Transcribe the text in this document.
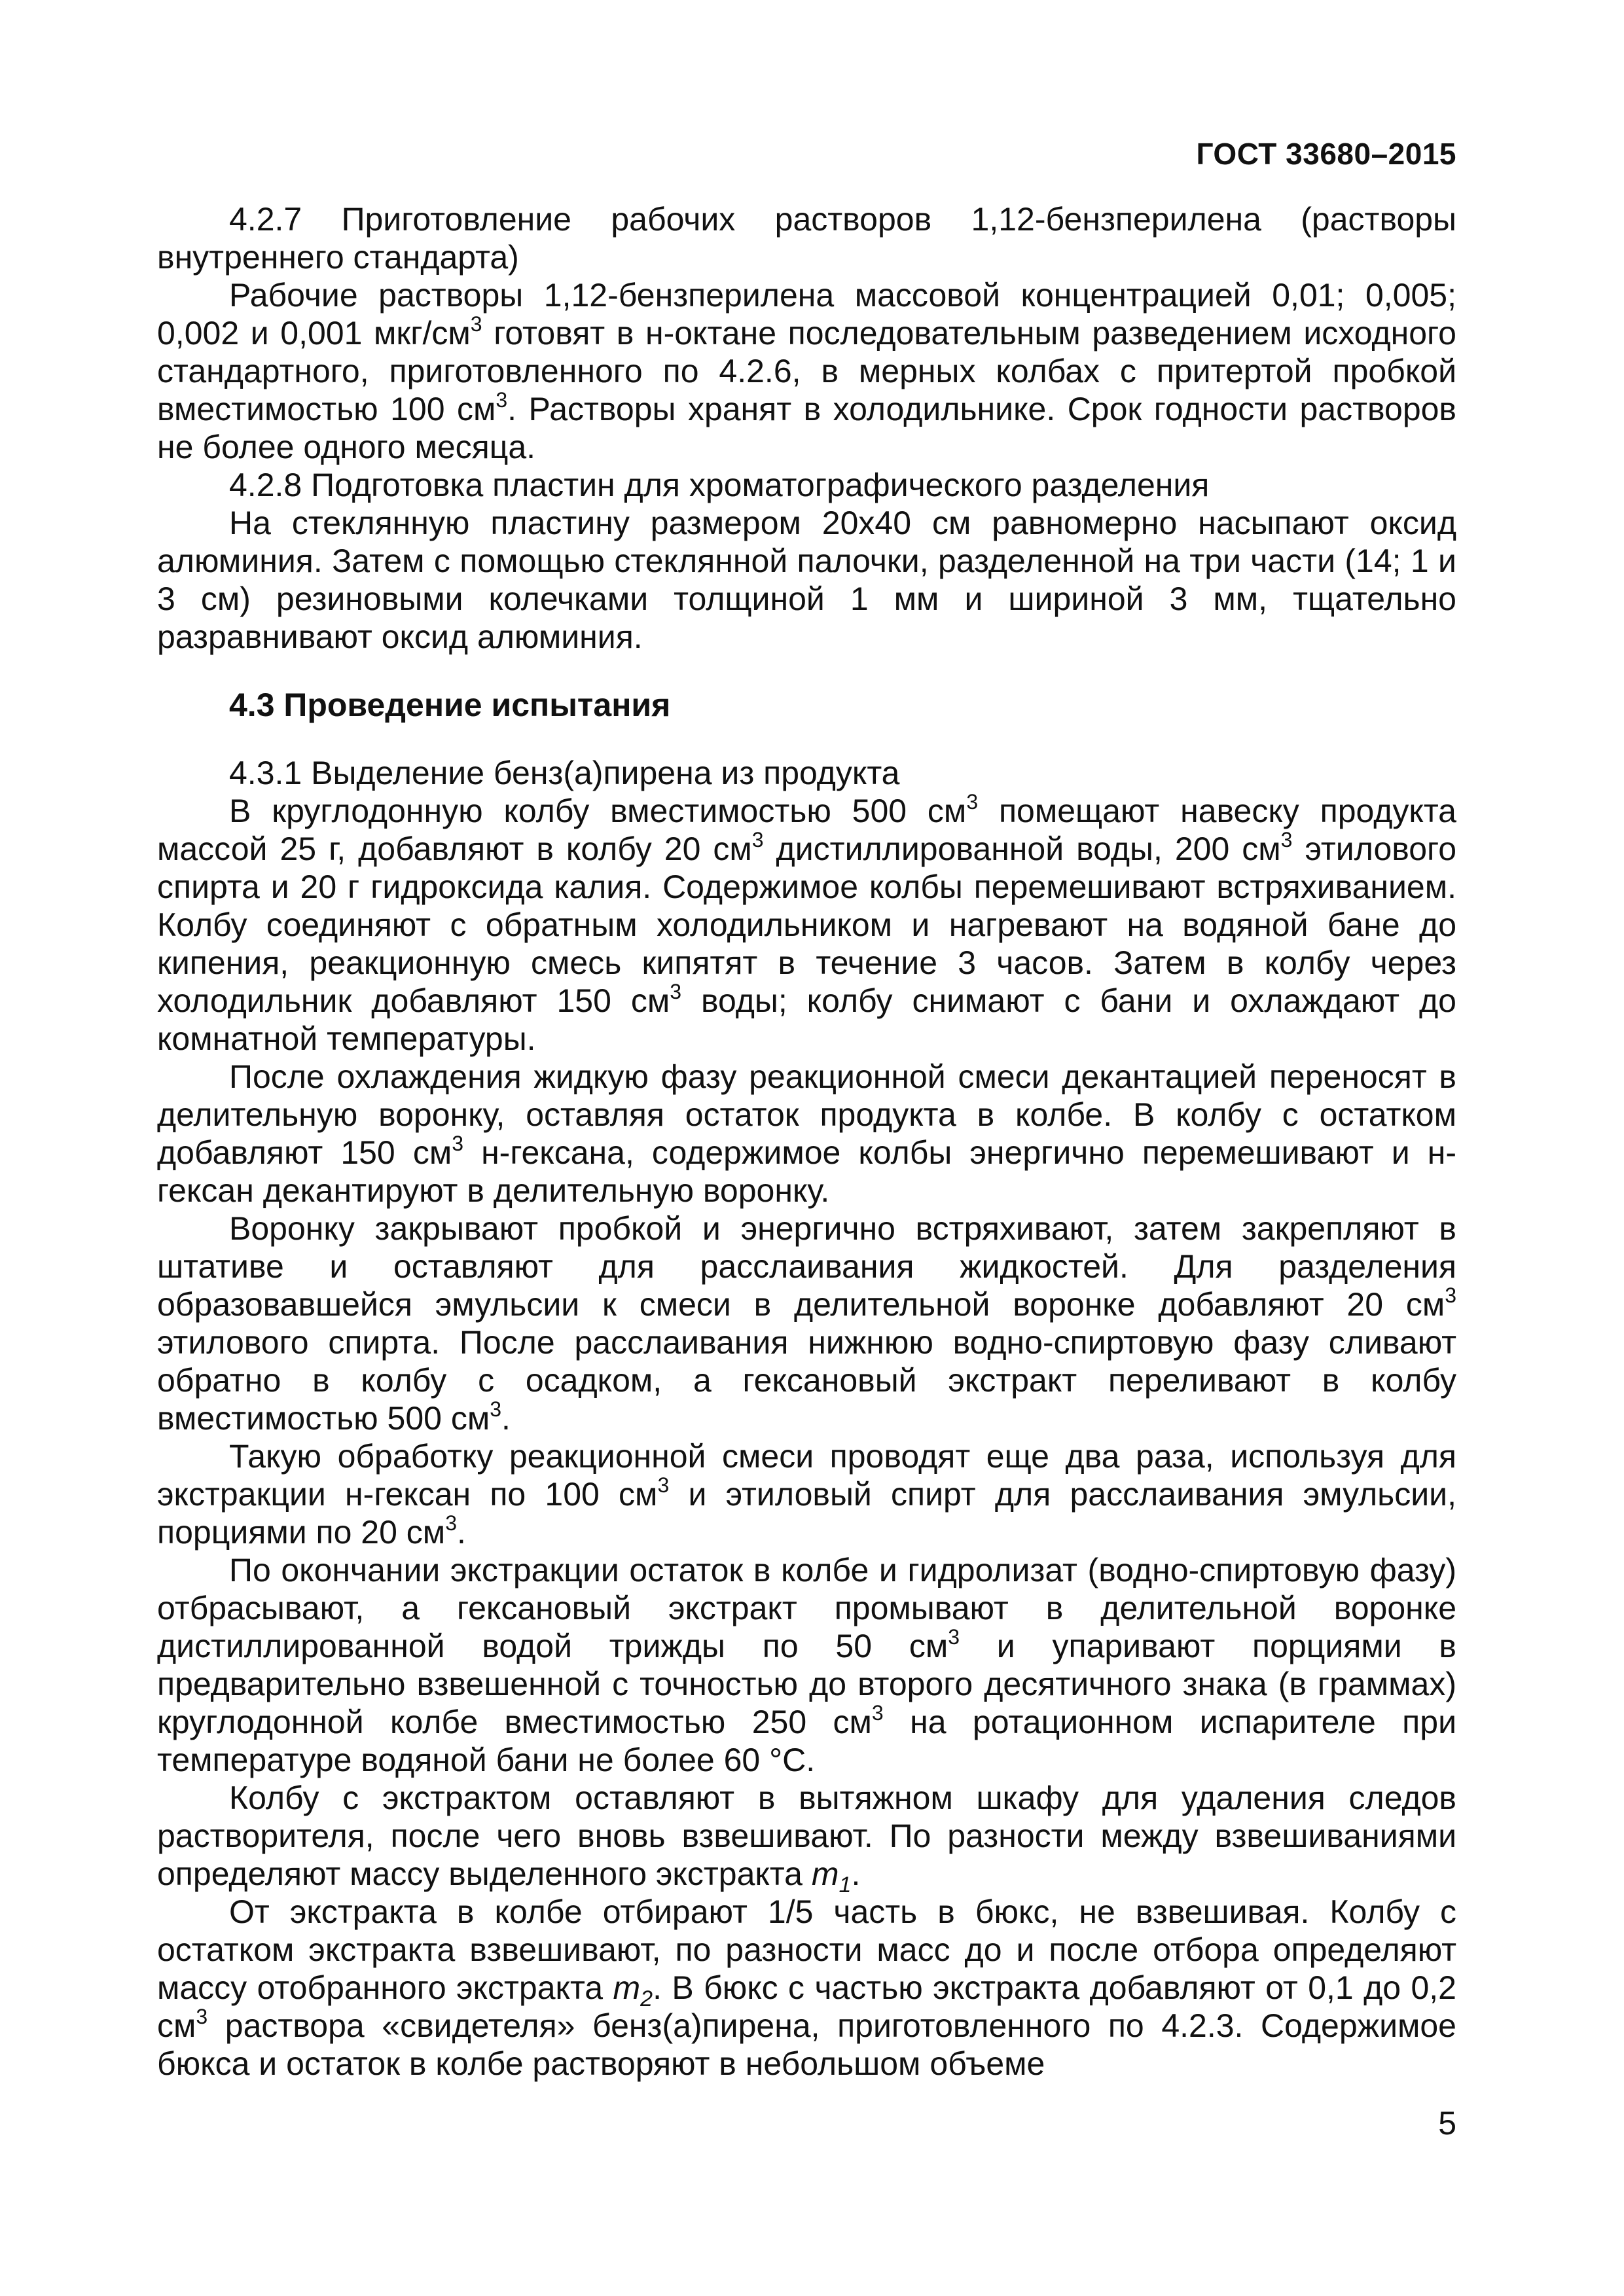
ГОСТ 33680–2015

4.2.7 Приготовление рабочих растворов 1,12-бензперилена (растворы внутреннего стандарта)

Рабочие растворы 1,12-бензперилена массовой концентрацией 0,01; 0,005; 0,002 и 0,001 мкг/$см^3$ готовят в н-октане последовательным разведением исходного стандартного, приготовленного по 4.2.6, в мерных колбах с притертой пробкой вместимостью 100 $см^3$. Растворы хранят в холодильнике. Срок годности растворов не более одного месяца.

4.2.8 Подготовка пластин для хроматографического разделения

На стеклянную пластину размером 20х40 см равномерно насыпают оксид алюминия. Затем с помощью стеклянной палочки, разделенной на три части (14; 1 и 3 см) резиновыми колечками толщиной 1 мм и шириной 3 мм, тщательно разравнивают оксид алюминия.

4.3 Проведение испытания

4.3.1 Выделение бенз(а)пирена из продукта

В круглодонную колбу вместимостью 500 $см^3$ помещают навеску продукта массой 25 г, добавляют в колбу 20 $см^3$ дистиллированной воды, 200 $см^3$ этилового спирта и 20 г гидроксида калия. Содержимое колбы перемешивают встряхиванием. Колбу соединяют с обратным холодильником и нагревают на водяной бане до кипения, реакционную смесь кипятят в течение 3 часов. Затем в колбу через холодильник добавляют 150 $см^3$ воды; колбу снимают с бани и охлаждают до комнатной температуры.

После охлаждения жидкую фазу реакционной смеси декантацией переносят в делительную воронку, оставляя остаток продукта в колбе. В колбу с остатком добавляют 150 $см^3$ н-гексана, содержимое колбы энергично перемешивают и н-гексан декантируют в делительную воронку.

Воронку закрывают пробкой и энергично встряхивают, затем закрепляют в штативе и оставляют для расслаивания жидкостей. Для разделения образовавшейся эмульсии к смеси в делительной воронке добавляют 20 $см^3$ этилового спирта. После расслаивания нижнюю водно-спиртовую фазу сливают обратно в колбу с осадком, а гексановый экстракт переливают в колбу вместимостью 500 $см^3$.

Такую обработку реакционной смеси проводят еще два раза, используя для экстракции н-гексан по 100 $см^3$ и этиловый спирт для расслаивания эмульсии, порциями по 20 $см^3$.

По окончании экстракции остаток в колбе и гидролизат (водно-спиртовую фазу) отбрасывают, а гексановый экстракт промывают в делительной воронке дистиллированной водой трижды по 50 $см^3$ и упаривают порциями в предварительно взвешенной с точностью до второго десятичного знака (в граммах) круглодонной колбе вместимостью 250 $см^3$ на ротационном испарителе при температуре водяной бани не более 60 °С.

Колбу с экстрактом оставляют в вытяжном шкафу для удаления следов растворителя, после чего вновь взвешивают. По разности между взвешиваниями определяют массу выделенного экстракта $m_1$.

От экстракта в колбе отбирают 1/5 часть в бюкс, не взвешивая. Колбу с остатком экстракта взвешивают, по разности масс до и после отбора определяют массу отобранного экстракта $m_2$. В бюкс с частью экстракта добавляют от 0,1 до 0,2 $см^3$ раствора «свидетеля» бенз(а)пирена, приготовленного по 4.2.3. Содержимое бюкса и остаток в колбе растворяют в небольшом объеме

5
